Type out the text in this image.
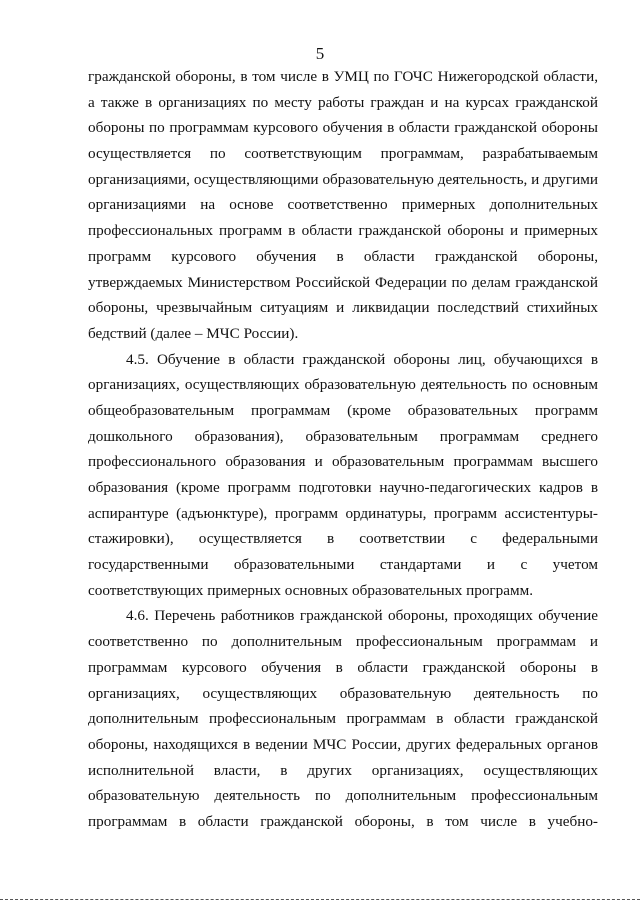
5
гражданской обороны, в том числе в УМЦ по ГОЧС Нижегородской области,
а также в организациях по месту работы граждан и на курсах гражданской
обороны по программам курсового обучения в области гражданской обороны
осуществляется по соответствующим программам, разрабатываемым
организациями, осуществляющими образовательную деятельность, и другими
организациями на основе соответственно примерных дополнительных
профессиональных программ в области гражданской обороны и примерных
программ курсового обучения в области гражданской обороны,
утверждаемых Министерством Российской Федерации по делам гражданской
обороны, чрезвычайным ситуациям и ликвидации последствий стихийных
бедствий (далее – МЧС России).
4.5. Обучение в области гражданской обороны лиц, обучающихся в
организациях, осуществляющих образовательную деятельность по основным
общеобразовательным программам (кроме образовательных программ
дошкольного образования), образовательным программам среднего
профессионального образования и образовательным программам высшего
образования (кроме программ подготовки научно-педагогических кадров в
аспирантуре (адъюнктуре), программ ординатуры, программ ассистентуры-
стажировки), осуществляется в соответствии с федеральными
государственными образовательными стандартами и с учетом
соответствующих примерных основных образовательных программ.
4.6. Перечень работников гражданской обороны, проходящих обучение
соответственно по дополнительным профессиональным программам и
программам курсового обучения в области гражданской обороны в
организациях, осуществляющих образовательную деятельность по
дополнительным профессиональным программам в области гражданской
обороны, находящихся в ведении МЧС России, других федеральных органов
исполнительной власти, в других организациях, осуществляющих
образовательную деятельность по дополнительным профессиональным
программам в области гражданской обороны, в том числе в учебно-
